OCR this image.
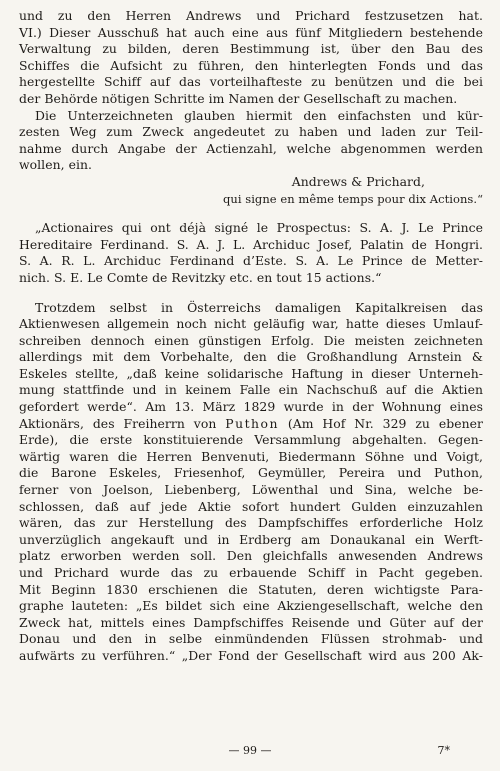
und zu den Herren Andrews und Prichard festzusetzen hat.
VI.) Dieser Ausschuß hat auch eine aus fünf Mitgliedern bestehende
Verwaltung zu bilden, deren Bestimmung ist, über den Bau des
Schiffes die Aufsicht zu führen, den hinterlegten Fonds und das
hergestellte Schiff auf das vorteilhafteste zu benützen und die bei
der Behörde nötigen Schritte im Namen der Gesellschaft zu machen.
Die Unterzeichneten glauben hiermit den einfachsten und kür-
zesten Weg zum Zweck angedeutet zu haben und laden zur Teil-
nahme durch Angabe der Actienzahl, welche abgenommen werden
wollen, ein.
Andrews & Prichard,
qui signe en même temps pour dix Actions.“
„Actionaires qui ont déjà signé le Prospectus: S. A. J. Le Prince
Hereditaire Ferdinand. S. A. J. L. Archiduc Josef, Palatin de Hongri.
S. A. R. L. Archiduc Ferdinand d’Este. S. A. Le Prince de Metter-
nich. S. E. Le Comte de Revitzky etc. en tout 15 actions.“
Trotzdem selbst in Österreichs damaligen Kapitalkreisen das
Aktienwesen allgemein noch nicht geläufig war, hatte dieses Umlauf-
schreiben dennoch einen günstigen Erfolg. Die meisten zeichneten
allerdings mit dem Vorbehalte, den die Großhandlung Arnstein &
Eskeles stellte, „daß keine solidarische Haftung in dieser Unterneh-
mung stattfinde und in keinem Falle ein Nachschuß auf die Aktien
gefordert werde“. Am 13. März 1829 wurde in der Wohnung eines
Aktionärs, des Freiherrn von Puthon (Am Hof Nr. 329 zu ebener
Erde), die erste konstituierende Versammlung abgehalten. Gegen-
wärtig waren die Herren Benvenuti, Biedermann Söhne und Voigt,
die Barone Eskeles, Friesenhof, Geymüller, Pereira und Puthon,
ferner von Joelson, Liebenberg, Löwenthal und Sina, welche be-
schlossen, daß auf jede Aktie sofort hundert Gulden einzuzahlen
wären, das zur Herstellung des Dampfschiffes erforderliche Holz
unverzüglich angekauft und in Erdberg am Donaukanal ein Werft-
platz erworben werden soll. Den gleichfalls anwesenden Andrews
und Prichard wurde das zu erbauende Schiff in Pacht gegeben.
Mit Beginn 1830 erschienen die Statuten, deren wichtigste Para-
graphe lauteten: „Es bildet sich eine Akziengesellschaft, welche den
Zweck hat, mittels eines Dampfschiffes Reisende und Güter auf der
Donau und den in selbe einmündenden Flüssen strohmab- und
aufwärts zu verführen.“ „Der Fond der Gesellschaft wird aus 200 Ak-
— 99 —	7*
